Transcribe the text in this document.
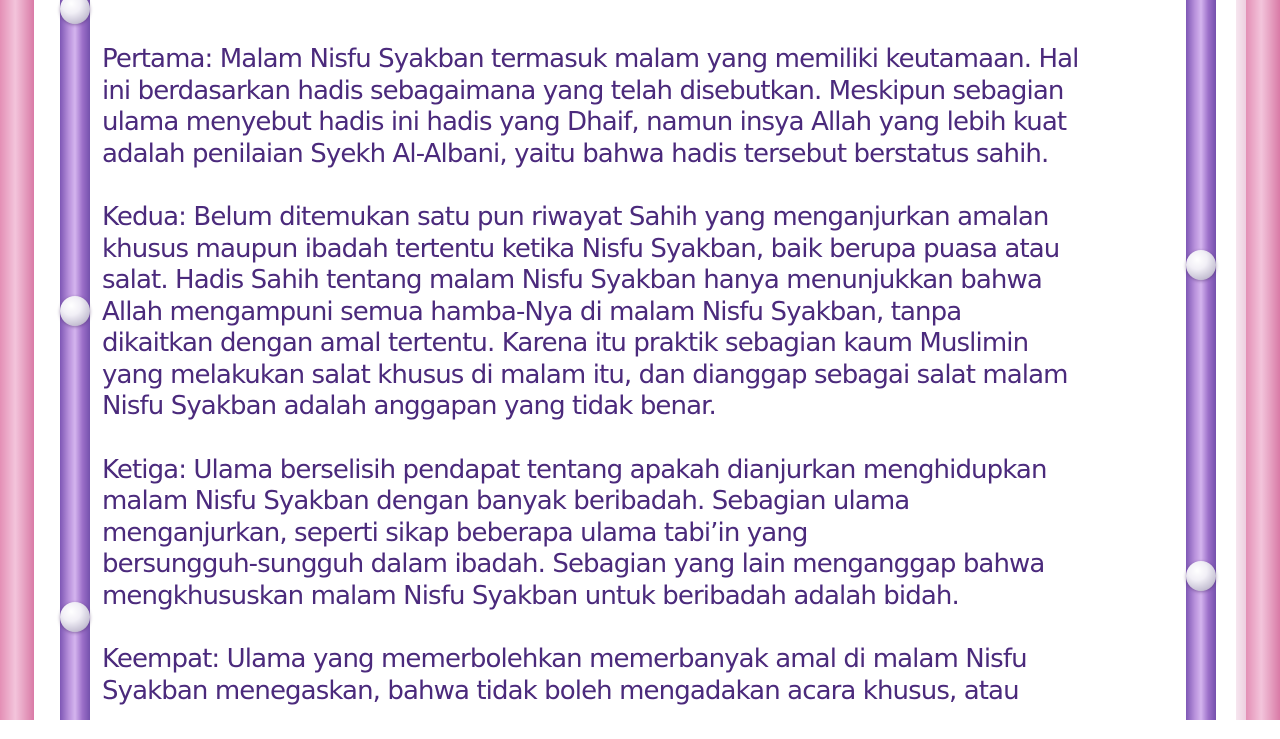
Pertama: Malam Nisfu Syakban termasuk malam yang memiliki keutamaan. Hal
ini berdasarkan hadis sebagaimana yang telah disebutkan. Meskipun sebagian
ulama menyebut hadis ini hadis yang Dhaif, namun insya Allah yang lebih kuat
adalah penilaian Syekh Al-Albani, yaitu bahwa hadis tersebut berstatus sahih.

Kedua: Belum ditemukan satu pun riwayat Sahih yang menganjurkan amalan
khusus maupun ibadah tertentu ketika Nisfu Syakban, baik berupa puasa atau
salat. Hadis Sahih tentang malam Nisfu Syakban hanya menunjukkan bahwa
Allah mengampuni semua hamba-Nya di malam Nisfu Syakban, tanpa
dikaitkan dengan amal tertentu. Karena itu praktik sebagian kaum Muslimin
yang melakukan salat khusus di malam itu, dan dianggap sebagai salat malam
Nisfu Syakban adalah anggapan yang tidak benar.

Ketiga: Ulama berselisih pendapat tentang apakah dianjurkan menghidupkan
malam Nisfu Syakban dengan banyak beribadah. Sebagian ulama
menganjurkan, seperti sikap beberapa ulama tabi’in yang
bersungguh-sungguh dalam ibadah. Sebagian yang lain menganggap bahwa
mengkhususkan malam Nisfu Syakban untuk beribadah adalah bidah.

Keempat: Ulama yang memerbolehkan memerbanyak amal di malam Nisfu
Syakban menegaskan, bahwa tidak boleh mengadakan acara khusus, atau
